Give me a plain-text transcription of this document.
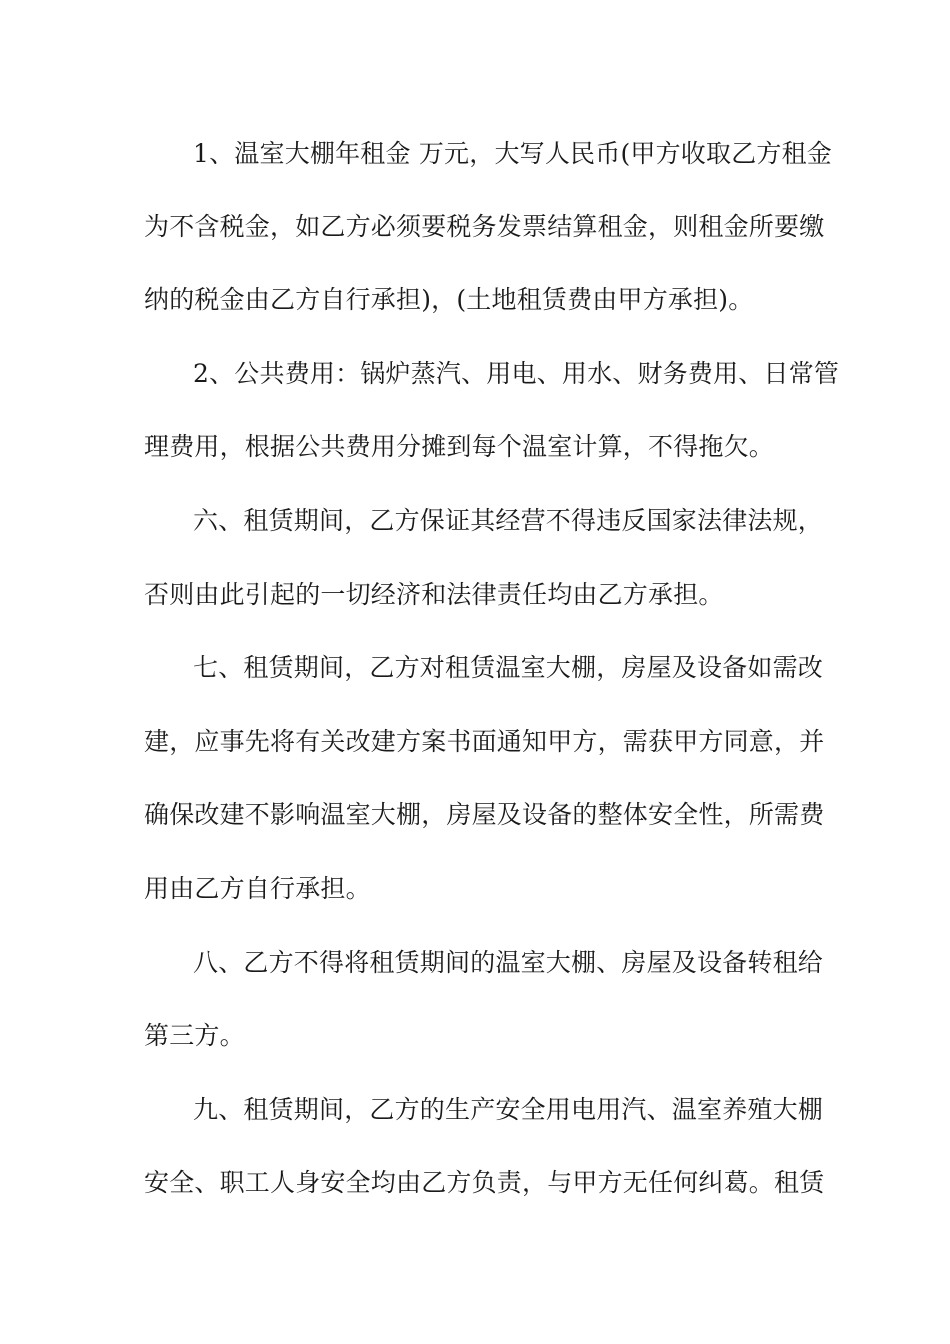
1、温室大棚年租金 万元，大写人民币(甲方收取乙方租金
为不含税金，如乙方必须要税务发票结算租金，则租金所要缴
纳的税金由乙方自行承担)，(土地租赁费由甲方承担)。
2、公共费用：锅炉蒸汽、用电、用水、财务费用、日常管
理费用，根据公共费用分摊到每个温室计算，不得拖欠。
六、租赁期间，乙方保证其经营不得违反国家法律法规，
否则由此引起的一切经济和法律责任均由乙方承担。
七、租赁期间，乙方对租赁温室大棚，房屋及设备如需改
建，应事先将有关改建方案书面通知甲方，需获甲方同意，并
确保改建不影响温室大棚，房屋及设备的整体安全性，所需费
用由乙方自行承担。
八、乙方不得将租赁期间的温室大棚、房屋及设备转租给
第三方。
九、租赁期间，乙方的生产安全用电用汽、温室养殖大棚
安全、职工人身安全均由乙方负责，与甲方无任何纠葛。租赁
